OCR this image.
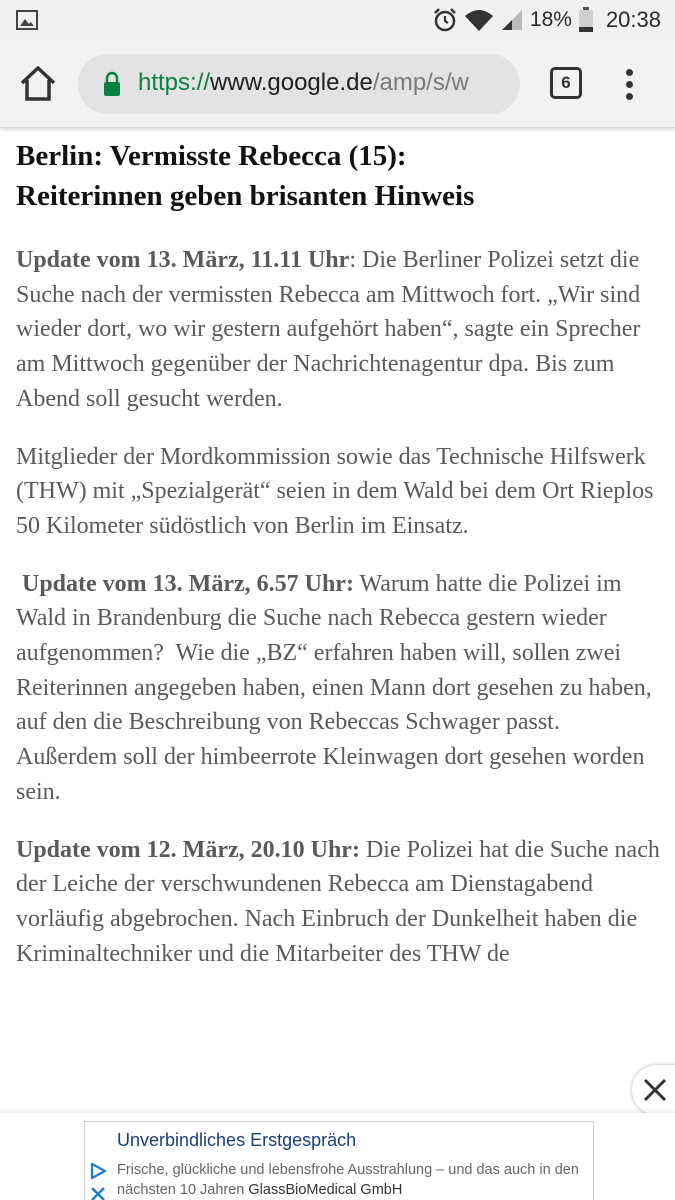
18% 20:38
https://www.google.de/amp/s/w	6
Berlin: Vermisste Rebecca (15):
Reiterinnen geben brisanten Hinweis

Update vom 13. März, 11.11 Uhr: Die Berliner Polizei setzt die Suche nach der vermissten Rebecca am Mittwoch fort. „Wir sind wieder dort, wo wir gestern aufgehört haben“, sagte ein Sprecher am Mittwoch gegenüber der Nachrichtenagentur dpa. Bis zum Abend soll gesucht werden.

Mitglieder der Mordkommission sowie das Technische Hilfswerk (THW) mit „Spezialgerät“ seien in dem Wald bei dem Ort Rieplos 50 Kilometer südöstlich von Berlin im Einsatz.

Update vom 13. März, 6.57 Uhr: Warum hatte die Polizei im Wald in Brandenburg die Suche nach Rebecca gestern wieder aufgenommen?  Wie die „BZ“ erfahren haben will, sollen zwei Reiterinnen angegeben haben, einen Mann dort gesehen zu haben, auf den die Beschreibung von Rebeccas Schwager passt. Außerdem soll der himbeerrote Kleinwagen dort gesehen worden sein.

Update vom 12. März, 20.10 Uhr: Die Polizei hat die Suche nach der Leiche der verschwundenen Rebecca am Dienstagabend vorläufig abgebrochen. Nach Einbruch der Dunkelheit haben die Kriminaltechniker und die Mitarbeiter des THW de

Unverbindliches Erstgespräch
Frische, glückliche und lebensfrohe Ausstrahlung – und das auch in den nächsten 10 Jahren GlassBioMedical GmbH
